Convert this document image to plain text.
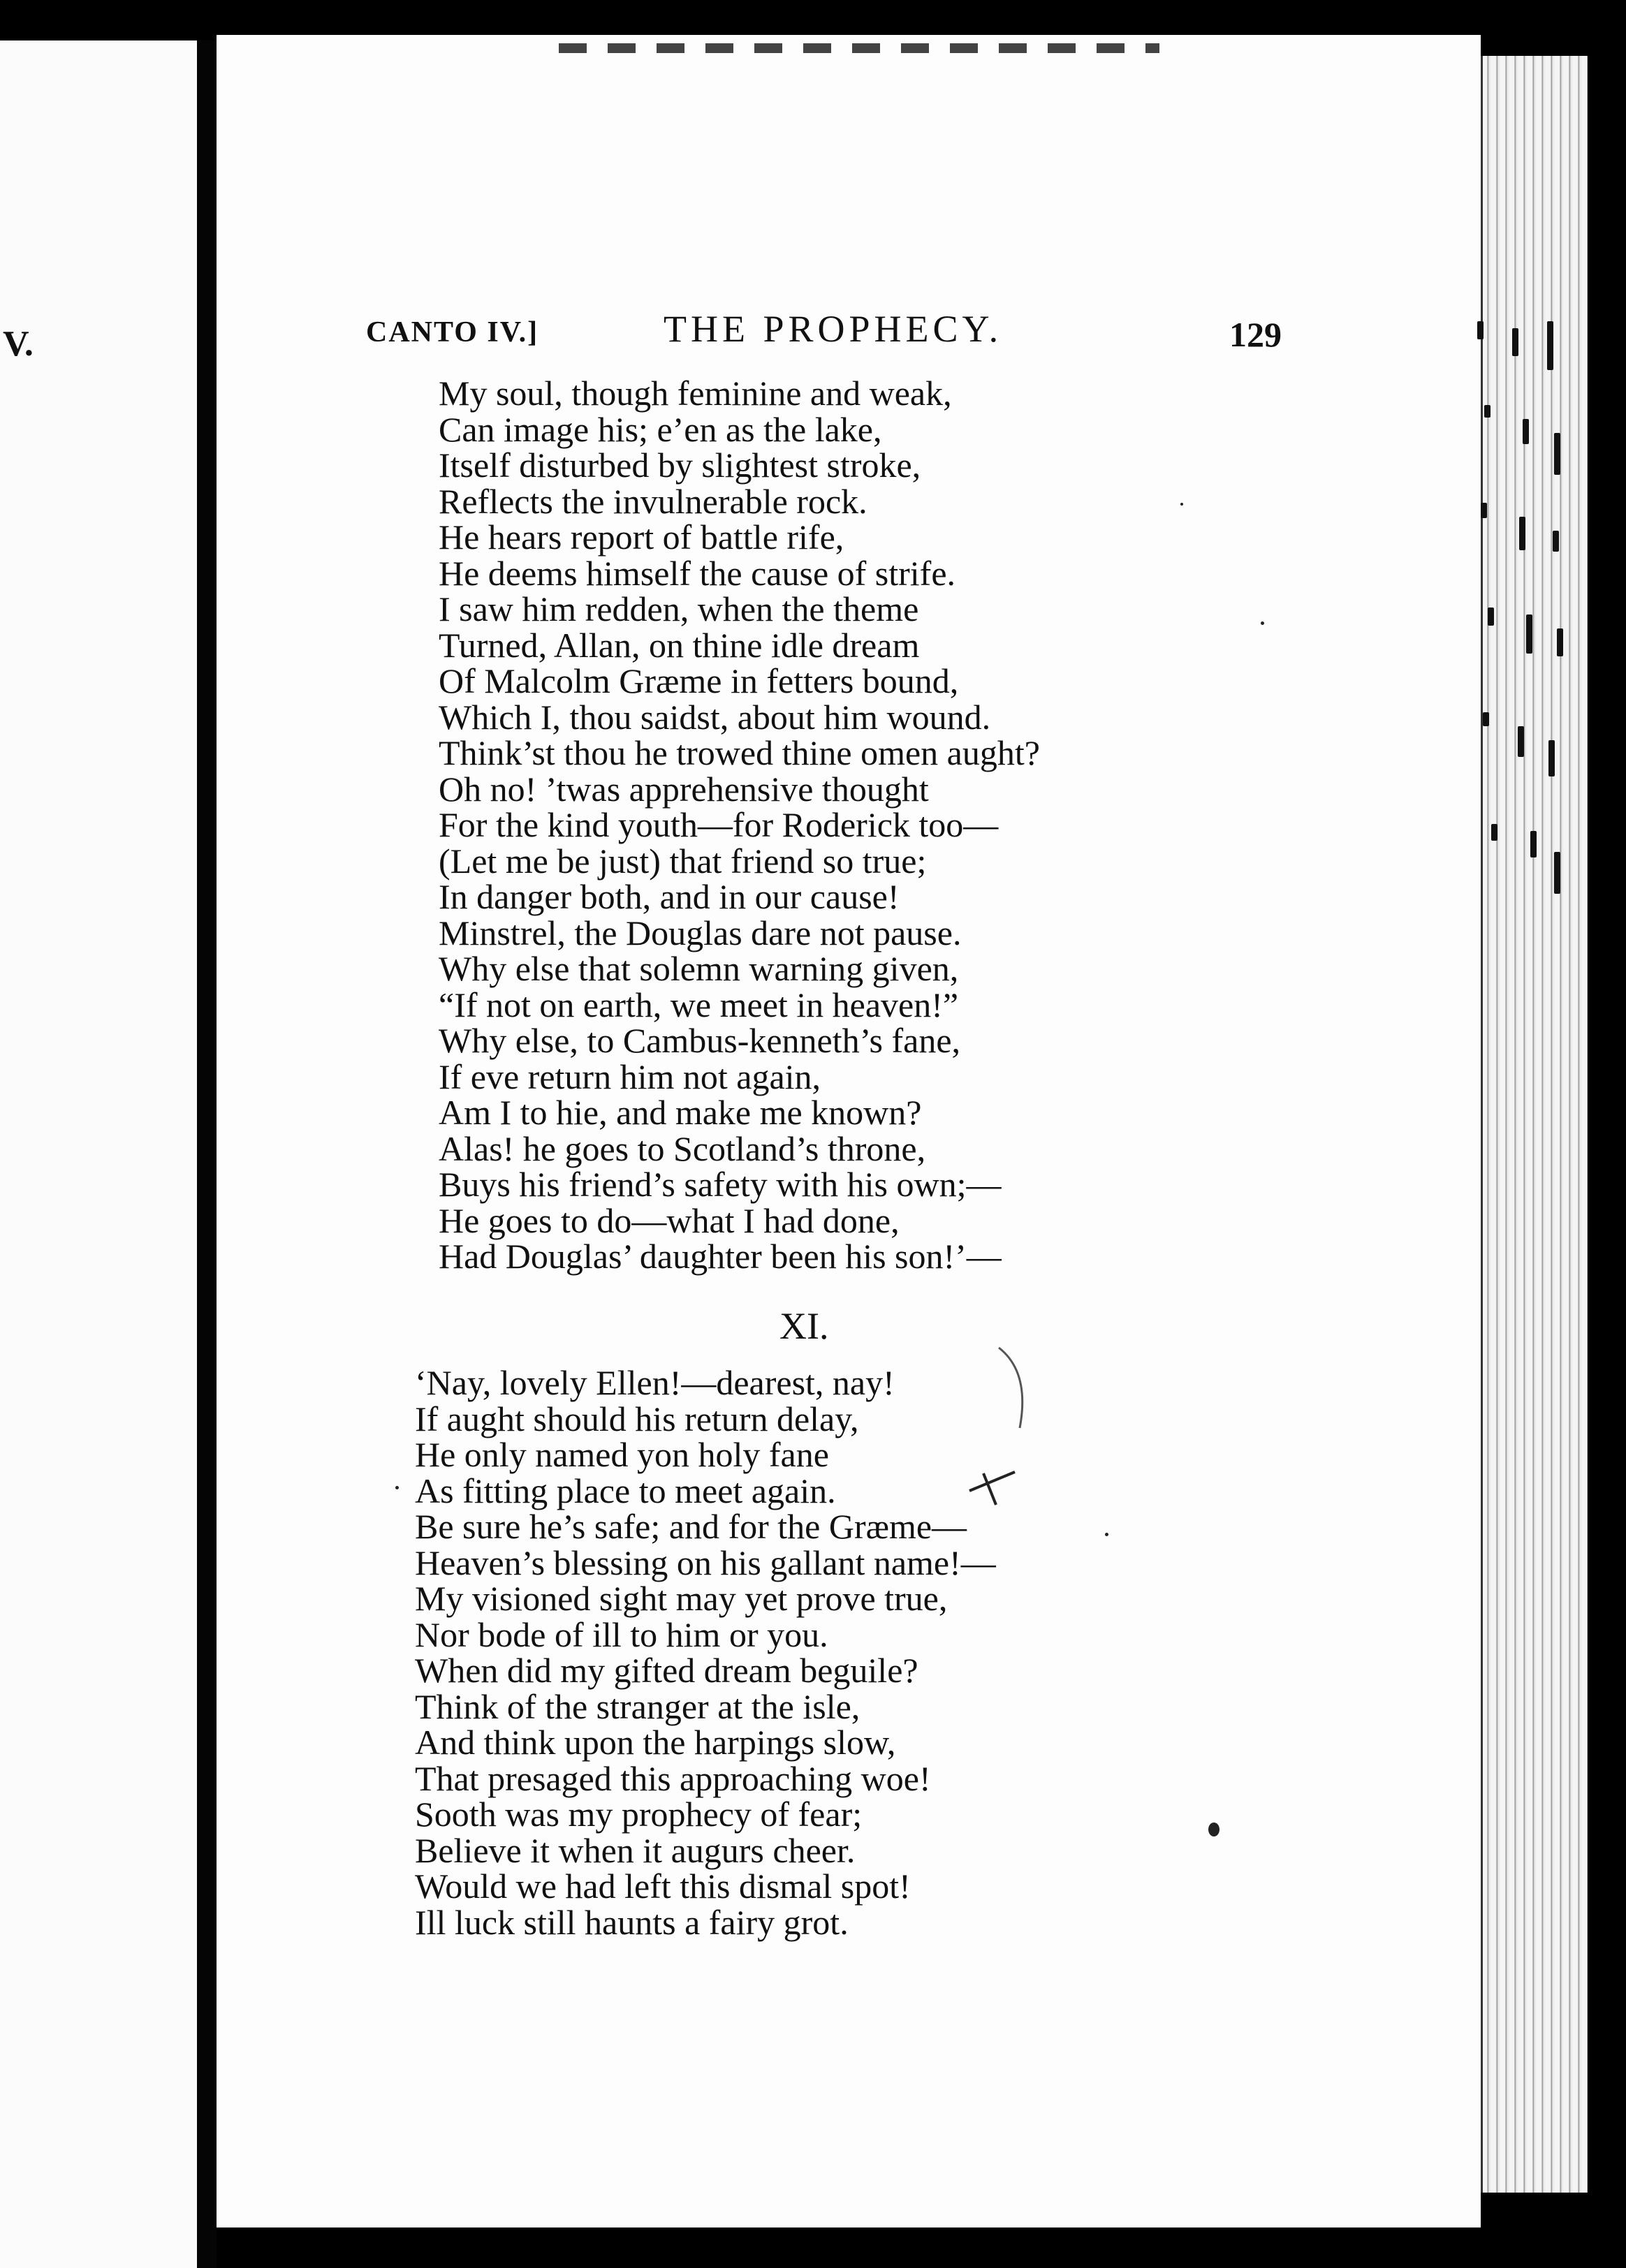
V.	CANTO IV.]	THE PROPHECY.	129
My soul, though feminine and weak,
Can image his; e’en as the lake,
Itself disturbed by slightest stroke,
Reflects the invulnerable rock.
He hears report of battle rife,
He deems himself the cause of strife.
I saw him redden, when the theme
Turned, Allan, on thine idle dream
Of Malcolm Græme in fetters bound,
Which I, thou saidst, about him wound.
Think’st thou he trowed thine omen aught?
Oh no! ’twas apprehensive thought
For the kind youth—for Roderick too—
(Let me be just) that friend so true;
In danger both, and in our cause!
Minstrel, the Douglas dare not pause.
Why else that solemn warning given,
“If not on earth, we meet in heaven!”
Why else, to Cambus-kenneth’s fane,
If eve return him not again,
Am I to hie, and make me known?
Alas! he goes to Scotland’s throne,
Buys his friend’s safety with his own;—
He goes to do—what I had done,
Had Douglas’ daughter been his son!’—
XI.
‘Nay, lovely Ellen!—dearest, nay!
If aught should his return delay,
He only named yon holy fane
As fitting place to meet again.
Be sure he’s safe; and for the Græme—
Heaven’s blessing on his gallant name!—
My visioned sight may yet prove true,
Nor bode of ill to him or you.
When did my gifted dream beguile?
Think of the stranger at the isle,
And think upon the harpings slow,
That presaged this approaching woe!
Sooth was my prophecy of fear;
Believe it when it augurs cheer.
Would we had left this dismal spot!
Ill luck still haunts a fairy grot.
